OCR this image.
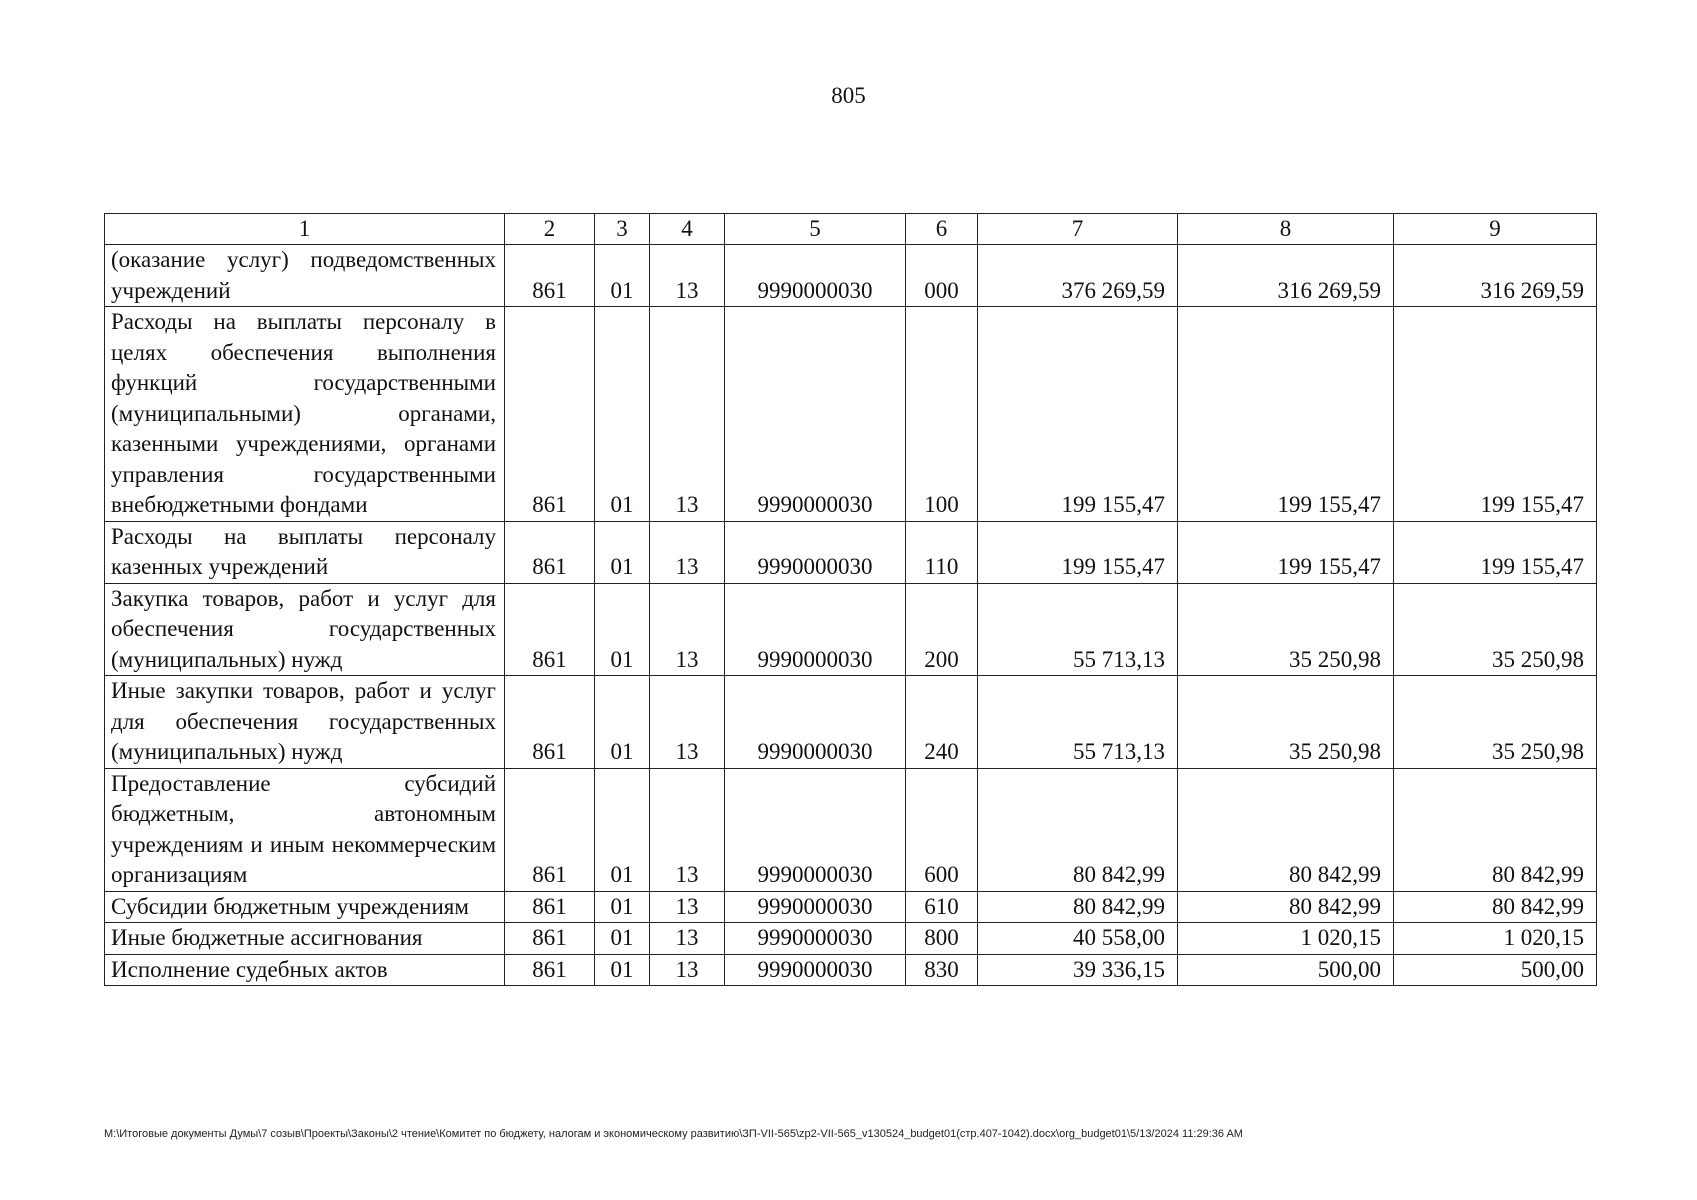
805
1	2	3	4	5	6	7	8	9
(оказание услуг) подведомственных учреждений	861	01	13	9990000030	000	376 269,59	316 269,59	316 269,59
Расходы на выплаты персоналу в целях обеспечения выполнения функций государственными (муниципальными) органами, казенными учреждениями, органами управления государственными внебюджетными фондами	861	01	13	9990000030	100	199 155,47	199 155,47	199 155,47
Расходы на выплаты персоналу казенных учреждений	861	01	13	9990000030	110	199 155,47	199 155,47	199 155,47
Закупка товаров, работ и услуг для обеспечения государственных (муниципальных) нужд	861	01	13	9990000030	200	55 713,13	35 250,98	35 250,98
Иные закупки товаров, работ и услуг для обеспечения государственных (муниципальных) нужд	861	01	13	9990000030	240	55 713,13	35 250,98	35 250,98
Предоставление субсидий бюджетным, автономным учреждениям и иным некоммерческим организациям	861	01	13	9990000030	600	80 842,99	80 842,99	80 842,99
Субсидии бюджетным учреждениям	861	01	13	9990000030	610	80 842,99	80 842,99	80 842,99
Иные бюджетные ассигнования	861	01	13	9990000030	800	40 558,00	1 020,15	1 020,15
Исполнение судебных актов	861	01	13	9990000030	830	39 336,15	500,00	500,00
M:\Итоговые документы Думы\7 созыв\Проекты\Законы\2 чтение\Комитет по бюджету, налогам и экономическому развитию\ЗП-VII-565\zp2-VII-565_v130524_budget01(стр.407-1042).docx\org_budget01\5/13/2024 11:29:36 AM
